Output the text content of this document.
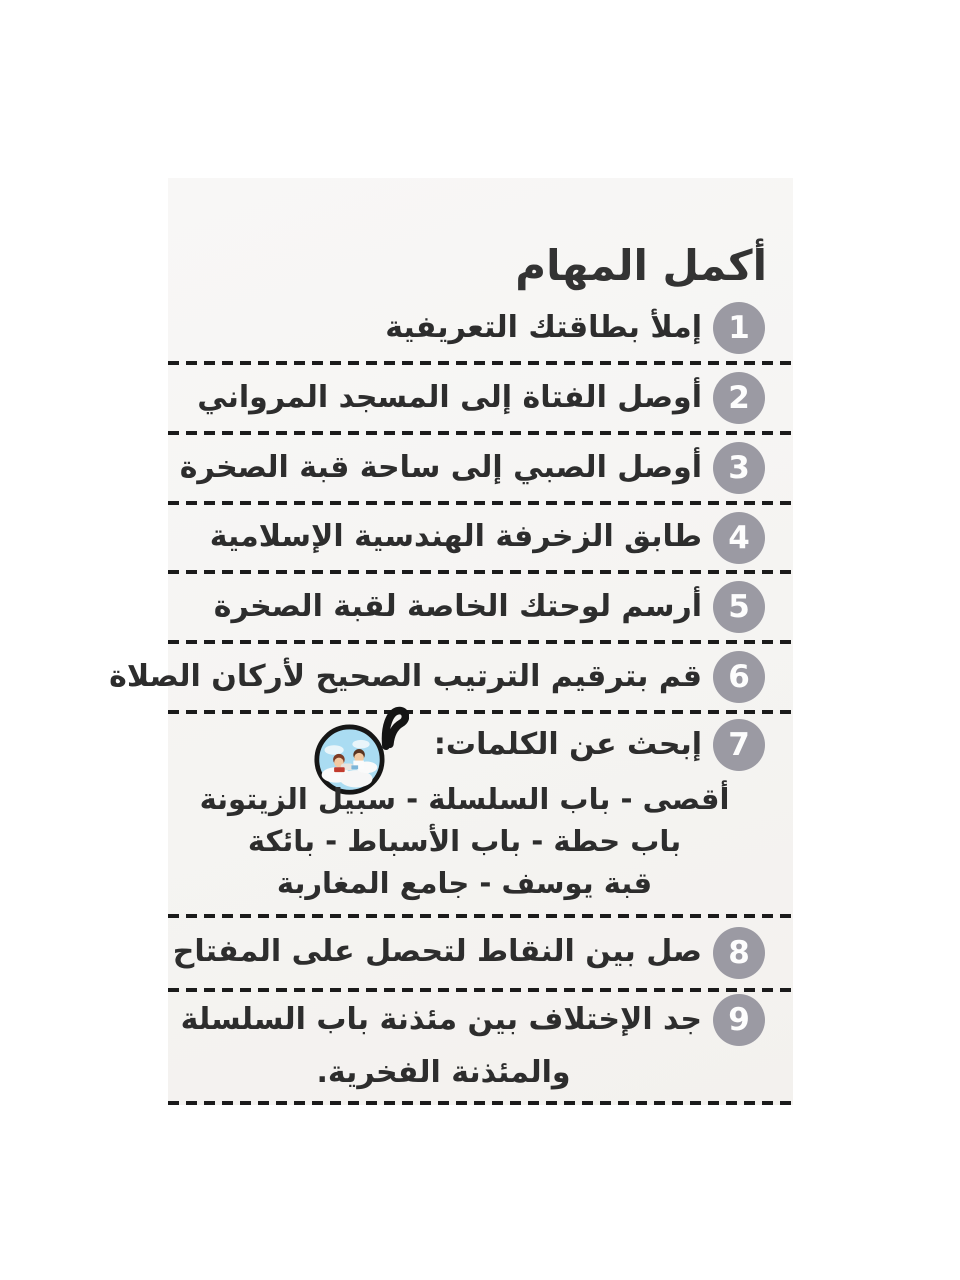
أكمل المهام
1
إملأ بطاقتك التعريفية
2
أوصل الفتاة إلى المسجد المرواني
3
أوصل الصبي إلى ساحة قبة الصخرة
4
طابق الزخرفة الهندسية الإسلامية
5
أرسم لوحتك الخاصة لقبة الصخرة
6
قم بترقيم الترتيب الصحيح لأركان الصلاة
7
إبحث عن الكلمات:
أقصى - باب السلسلة - سبيل الزيتونة
باب حطة - باب الأسباط - بائكة
قبة يوسف - جامع المغاربة
8
صل بين النقاط لتحصل على المفتاح
9
جد الإختلاف بين مئذنة باب السلسلة
والمئذنة الفخرية.
